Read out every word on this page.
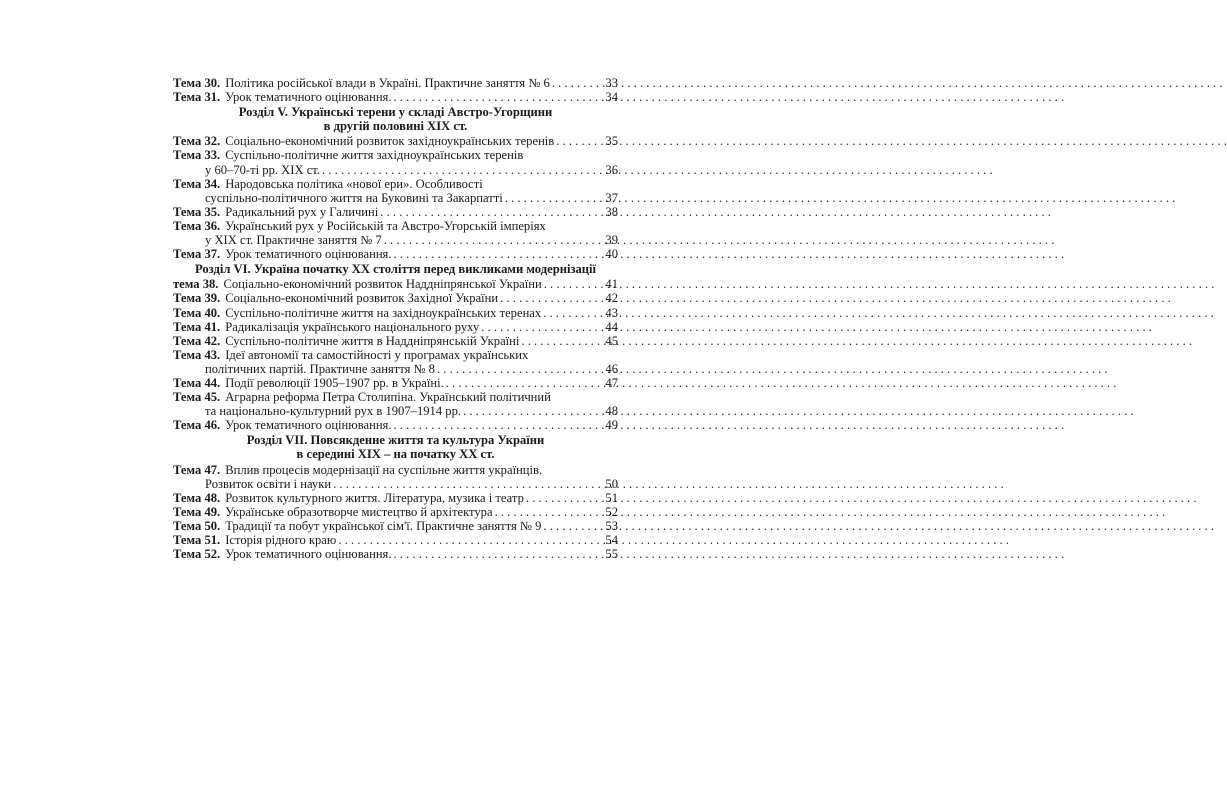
Тема 30. Політика російської влади в Україні. Практичне заняття № 6 . . .	33
Тема 31. Урок тематичного оцінювання. . . .	34
Розділ V. Українські терени у складі Австро-Угорщини
в другій половині XIX ст.
Тема 32. Соціально-економічний розвиток західноукраїнських теренів . . .	35
Тема 33. Суспільно-політичне життя західноукраїнських теренів
у 60–70-ті рр. XIX ст. . . .	36
Тема 34. Народовська політика «нової ери». Особливості
суспільно-політичного життя на Буковині та Закарпатті . . .	37
Тема 35. Радикальний рух у Галичині . . .	38
Тема 36. Український рух у Російській та Австро-Угорській імперіях
у XIX ст. Практичне заняття № 7 . . .	39
Тема 37. Урок тематичного оцінювання. . . .	40
Розділ VI. Україна початку XX століття перед викликами модернізації
тема 38. Соціально-економічний розвиток Наддніпрянської України . . .	41
Тема 39. Соціально-економічний розвиток Західної України . . .	42
Тема 40. Суспільно-політичне життя на західноукраїнських теренах . . .	43
Тема 41. Радикалізація українського національного руху . . .	44
Тема 42. Суспільно-політичне життя в Наддніпрянській Україні . . .	45
Тема 43. Ідеї автономії та самостійності у програмах українських
політичних партій. Практичне заняття № 8 . . .	46
Тема 44. Події революції 1905–1907 рр. в Україні. . . .	47
Тема 45. Аграрна реформа Петра Столипіна. Український політичний
та національно-культурний рух в 1907–1914 рр. . . .	48
Тема 46. Урок тематичного оцінювання. . . .	49
Розділ VII. Повсякденне життя та культура України
в середині XIX – на початку XX ст.
Тема 47. Вплив процесів модернізації на суспільне життя українців.
Розвиток освіти і науки . . .	50
Тема 48. Розвиток культурного життя. Література, музика і театр . . .	51
Тема 49. Українське образотворче мистецтво й архітектура . . .	52
Тема 50. Традиції та побут української сім'ї. Практичне заняття № 9 . . .	53
Тема 51. Історія рідного краю . . .	54
Тема 52. Урок тематичного оцінювання. . . .	55
